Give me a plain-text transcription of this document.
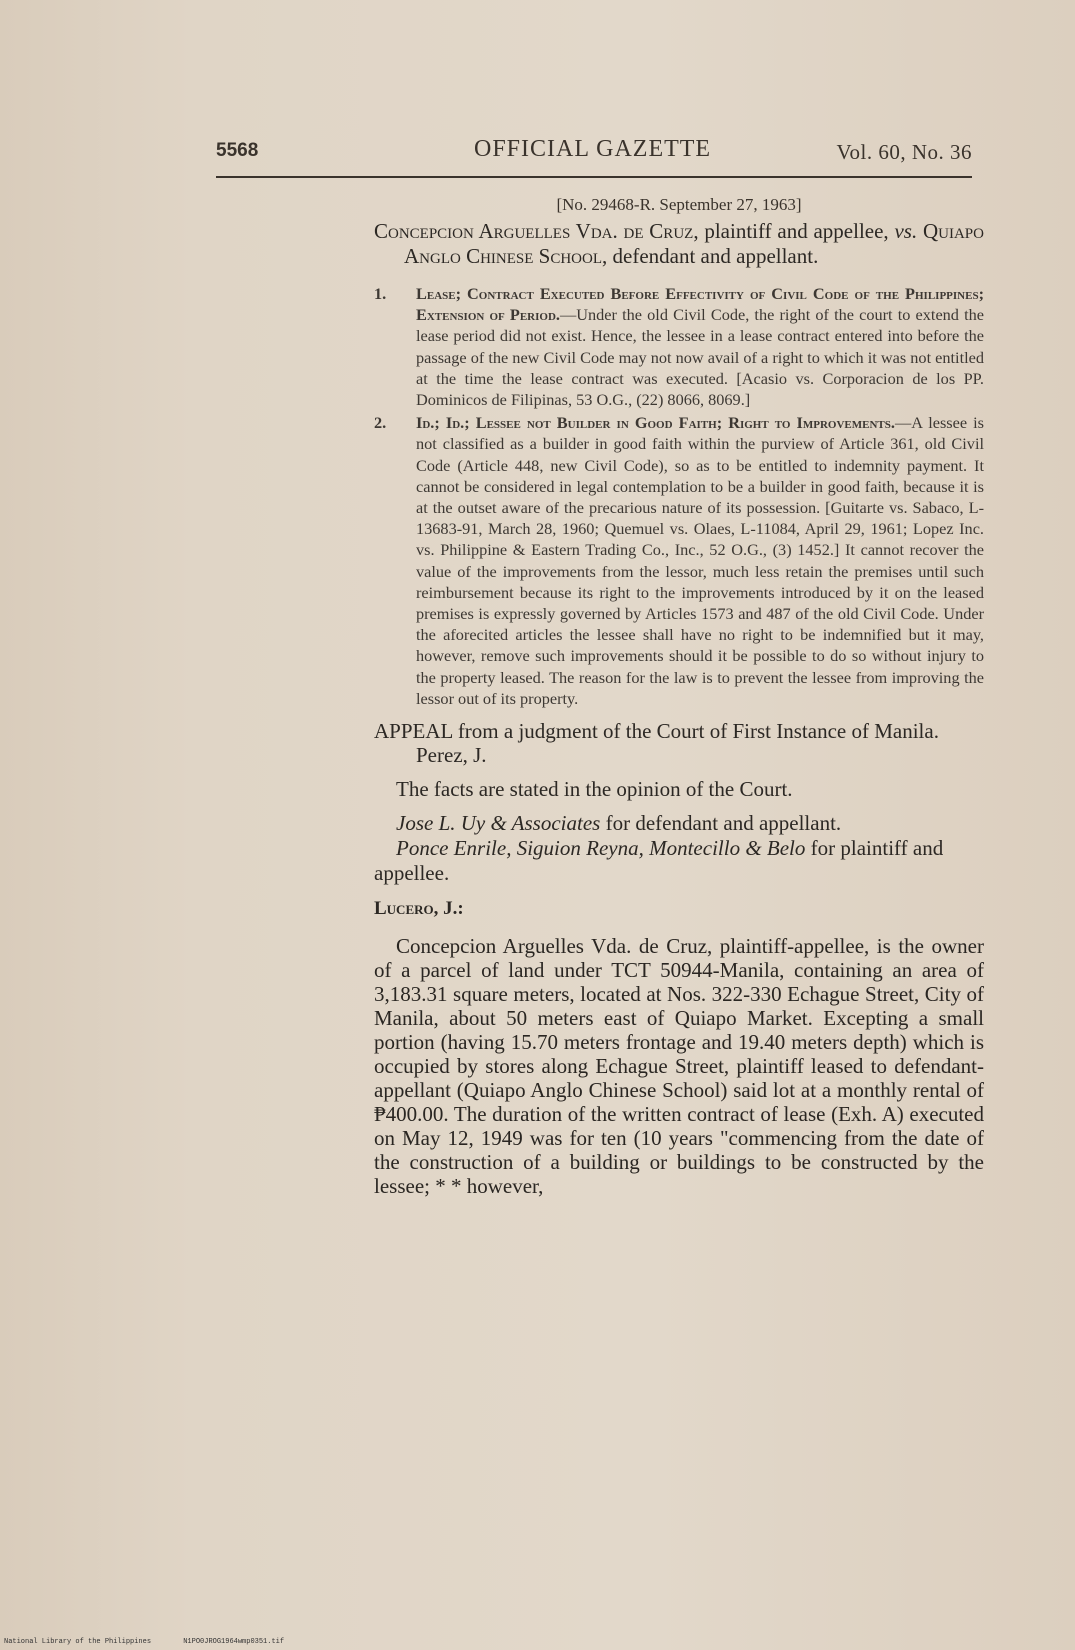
5568	OFFICIAL GAZETTE	Vol. 60, No. 36

[No. 29468-R. September 27, 1963]

Concepcion Arguelles Vda. de Cruz, plaintiff and appellee, vs. Quiapo Anglo Chinese School, defendant and appellant.

1. Lease; Contract Executed Before Effectivity of Civil Code of the Philippines; Extension of Period.—Under the old Civil Code, the right of the court to extend the lease period did not exist. Hence, the lessee in a lease contract entered into before the passage of the new Civil Code may not now avail of a right to which it was not entitled at the time the lease contract was executed. [Acasio vs. Corporacion de los PP. Dominicos de Filipinas, 53 O.G., (22) 8066, 8069.]
2. Id.; Id.; Lessee not Builder in Good Faith; Right to Improvements.—A lessee is not classified as a builder in good faith within the purview of Article 361, old Civil Code (Article 448, new Civil Code), so as to be entitled to indemnity payment. It cannot be considered in legal contemplation to be a builder in good faith, because it is at the outset aware of the precarious nature of its possession. [Guitarte vs. Sabaco, L-13683-91, March 28, 1960; Quemuel vs. Olaes, L-11084, April 29, 1961; Lopez Inc. vs. Philippine & Eastern Trading Co., Inc., 52 O.G., (3) 1452.] It cannot recover the value of the improvements from the lessor, much less retain the premises until such reimbursement because its right to the improvements introduced by it on the leased premises is expressly governed by Articles 1573 and 487 of the old Civil Code. Under the aforecited articles the lessee shall have no right to be indemnified but it may, however, remove such improvements should it be possible to do so without injury to the property leased. The reason for the law is to prevent the lessee from improving the lessor out of its property.

APPEAL from a judgment of the Court of First Instance of Manila. Perez, J.

The facts are stated in the opinion of the Court.

Jose L. Uy & Associates for defendant and appellant.

Ponce Enrile, Siguion Reyna, Montecillo & Belo for plaintiff and appellee.

Lucero, J.:

Concepcion Arguelles Vda. de Cruz, plaintiff-appellee, is the owner of a parcel of land under TCT 50944-Manila, containing an area of 3,183.31 square meters, located at Nos. 322-330 Echague Street, City of Manila, about 50 meters east of Quiapo Market. Excepting a small portion (having 15.70 meters frontage and 19.40 meters depth) which is occupied by stores along Echague Street, plaintiff leased to defendant-appellant (Quiapo Anglo Chinese School) said lot at a monthly rental of ₱400.00. The duration of the written contract of lease (Exh. A) executed on May 12, 1949 was for ten (10 years "commencing from the date of the construction of a building or buildings to be constructed by the lessee; * * however,

National Library of the Philippines	N1PO0JROG1964wmp0351.tif
